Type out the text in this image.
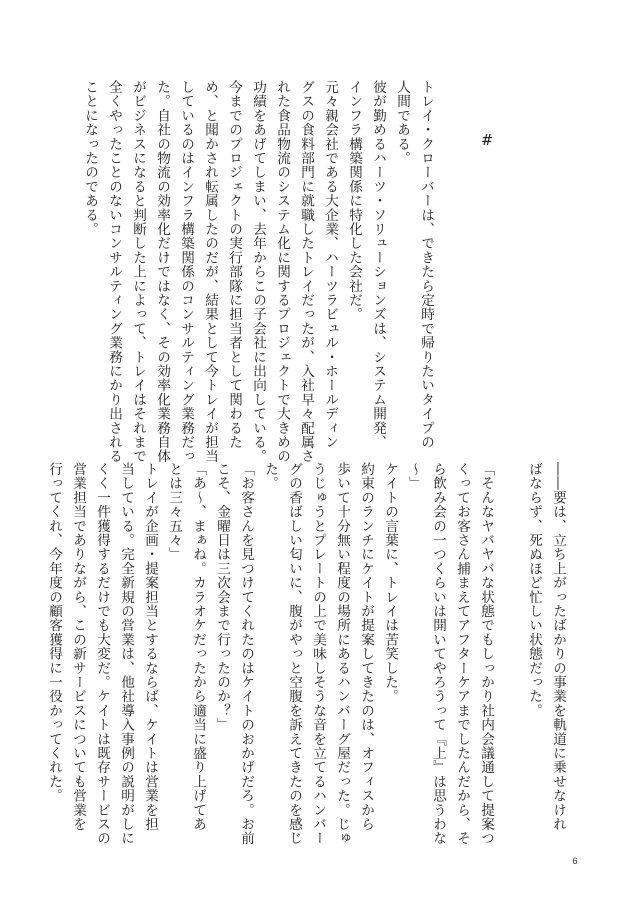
#

トレイ・クローバーは、できたら定時で帰りたいタイプの

人間である。

彼が勤めるハーツ・ソリューションズは、システム開発、

インフラ構築関係に特化した会社だ。

元々親会社である大企業、ハーツラビュル・ホールディン

グスの食料部門に就職したトレイだったが、入社早々配属さ

れた食品物流のシステム化に関するプロジェクトで大きめの

功績をあげてしまい、去年からこの子会社に出向している。

今までのプロジェクトの実行部隊に担当者として関わるた

め、と聞かされ転属したのだが、結果として今トレイが担当

しているのはインフラ構築関係のコンサルティング業務だっ

た。自社の物流の効率化だけではなく、その効率化業務自体

がビジネスになると判断した上によって、トレイはそれまで

全くやったことのないコンサルティング業務にかり出される

ことになったのである。

――要は、立ち上がったばかりの事業を軌道に乗せなけれ

ばならず、死ぬほど忙しい状態だった。

「そんなヤバヤバな状態でもしっかり社内会議通して提案つ

くってお客さん捕まえてアフターケアまでしたんだから、そ

ら飲み会の一つくらいは開いてやろうって『上』は思うわな

～」

ケイトの言葉に、トレイは苦笑した。

約束のランチにケイトが提案してきたのは、オフィスから

歩いて十分無い程度の場所にあるハンバーグ屋だった。じゅ

うじゅうとプレートの上で美味しそうな音を立てるハンバー

グの香ばしい匂いに、腹がやっと空腹を訴えてきたのを感じ

た。

「お客さんを見つけてくれたのはケイトのおかげだろ。お前

こそ、金曜日は三次会まで行ったのか？」

「あ～、まぁね。カラオケだったから適当に盛り上げてあ

とは三々五々」

トレイが企画・提案担当とするならば、ケイトは営業を担

当している。完全新規の営業は、他社導入事例の説明がしに

くく一件獲得するだけでも大変だ。ケイトは既存サービスの

営業担当でありながら、この新サービスについても営業を

行ってくれ、今年度の顧客獲得に一役かってくれた。

6
